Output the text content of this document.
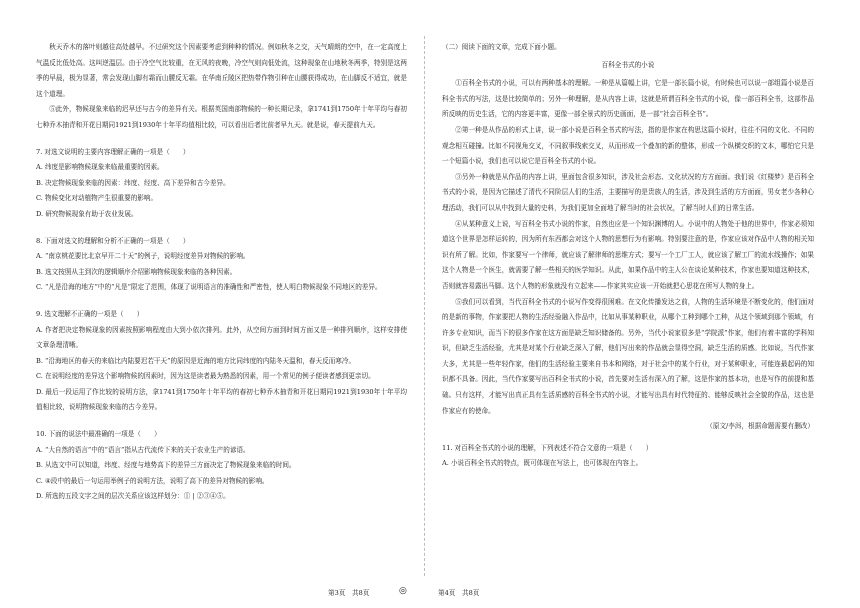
秋天乔木的落叶则越往高处越早。不过研究这个因素要考虑到种种的情况。例如秋冬之交，天气晴朗的空中，在一定高度上气温反比低处高。这叫逆温层。由于冷空气比较重，在无风的夜晚，冷空气则向低处流，这种现象在山地秋冬两季，特别是这两季的早晨，极为显著，常会发现山脚有霜而山腰反无霜。在华南丘陵区把热带作物引种在山腰获得成功，在山脚反不适宜，就是这个道理。

⑤此外，物候现象来临的迟早还与古今的差异有关。根据英国南部物候的一种长期记录，拿1741到1750年十年平均与春初七种乔木抽青和开花日期同1921到1930年十年平均值相比较，可以看出后者比前者早九天。就是说，春天提前九天。

7. 对选文说明的主要内容理解正确的一项是（　　）

A. 纬度是影响物候现象来临最重要的因素。

B. 决定物候现象来临的因素：纬度、经度、高下差异和古今差异。

C. 物候变化对动植物产生很重要的影响。

D. 研究物候现象有助于农业发展。

8. 下面对选文的理解和分析不正确的一项是（　　）

A. “南京桃花要比北京早开二十天”的例子，说明经度差异对物候的影响。

B. 选文按照从主到次的逻辑顺序介绍影响物候现象来临的各种因素。

C. “凡是沿海的地方”中的“凡是”限定了范围，体现了说明语言的准确性和严密性，使人明白物候现象不同地区的差异。

9. 选文理解不正确的一项是（　　）

A. 作者把决定物候现象的因素按照影响程度由大到小依次排列。此外，从空间方面到时间方面又是一种排列顺序，这样安排使文章条理清晰。

B. “沿海地区的春天的来临比内陆要迟若干天”的原因是近海的地方比同纬度的内陆冬天温和，春天反而寒冷。

C. 在说明经度的差异这个影响物候的因素时，因为这是读者最为熟悉的因素，用一个常见的例子便读者感到更亲切。

D. 最后一段运用了作比较的说明方法，拿1741到1750年十年平均的春初七种乔木抽青和开花日期同1921到1930年十年平均值相比较，说明物候现象来临的古今差异。

10. 下面的说法中最准确的一项是（　　）

A. “大自然的语言”中的“语言”指从古代流传下来的关于农业生产的谚语。

B. 从选文中可以知道，纬度、经度与地势高下的差异三方面决定了物候现象来临的时间。

C. ④段中的最后一句运用举例子的说明方法，说明了高下的差异对物候的影响。

D. 所选的五段文字之间的层次关系应该这样划分：① | ②③④⑤。

（二）阅读下面的文章，完成下面小题。

百科全书式的小说

①百科全书式的小说，可以有两种基本的理解。一种是从篇幅上讲，它是一部长篇小说，有时候也可以说一部组篇小说是百科全书式的写法，这是比较简单的；另外一种理解，是从内容上讲，这就是所谓百科全书式的小说，像一部百科全书，这部作品所反映的历史生活，它的内容更丰富，更像一部全景式的历史画面，是一部“社会百科全书”。

②第一种是从作品的形式上讲，说一部小说是百科全书式的写法，指的是作家在构思这篇小说时，往往不同的文化、不同的观念相互碰撞。比如不同视角交叉，不同叙事线索交叉，从而形成一个叠加的新的整体，形成一个纵横交织的文本，哪怕它只是一个短篇小说，我们也可以说它是百科全书式的小说。

③另外一种就是从作品的内容上讲，里面包含很多知识，涉及社会形态、文化状况的方方面面。我们说《红楼梦》是百科全书式的小说，是因为它描述了清代不同阶层人们的生活，主要描写的是贵族人的生活，涉及到生活的方方面面，男女老少各种心理活动，我们可以从中找到大量的史料，为我们更加全面地了解当时的社会状况，了解当时人们的日常生活。

④从某种意义上说，写百科全书式小说的作家，自然也应是一个知识渊博的人。小说中的人物处于他的世界中，作家必须知道这个世界是怎样运转的，因为所有东西都会对这个人物的思想行为有影响。特别要注意的是，作家应该对作品中人物的相关知识有所了解。比如，作家要写一个律师，就应该了解律师的思维方式；要写一个工厂工人，就应该了解工厂的流水线操作；如果这个人物是一个医生，就需要了解一些相关的医学知识。从此，如果作品中的主人公在谈论某种技术，作家也要知道这种技术，否则就容易露出马脚。这个人物的形象就没有立起来——作家其实应该一开始就把心思花在所写人物的身上。

⑤我们可以看到，当代百科全书式的小说写作变得很困难。在文化传播发达之前，人物的生活环境是不断变化的，他们面对的是新的事物，作家要把人物的生活经验融入作品中，比如从事某种职业，从哪个工种到哪个工种，从这个领域到那个领域，有许多专业知识，而当下的很多作家在这方面是缺乏知识储备的。另外，当代小说家很多是“学院派”作家，他们有着丰富的学科知识，但缺乏生活经验，尤其是对某个行业缺乏深入了解，他们写出来的作品就会显得空洞，缺乏生活的质感。比如说，当代作家大多，尤其是一些年轻作家，他们的生活经验主要来自书本和网络，对于社会中的某个行业，对于某种职业，可能连最起码的知识都不具备。因此，当代作家要写出百科全书式的小说，首先要对生活有深入的了解，这是作家的基本功，也是写作的前提和基础。只有这样，才能写出真正具有生活质感的百科全书式的小说，才能写出具有时代特征的、能够反映社会全貌的作品，这也是作家应有的使命。

（原文/李洱，根据命题需要有删改）

11. 对百科全书式的小说的理解，下列表述不符合文意的一项是（　　）

A. 小说百科全书式的特点，既可体现在写法上，也可体现在内容上。

第3页　共8页	◎	第4页　共8页
